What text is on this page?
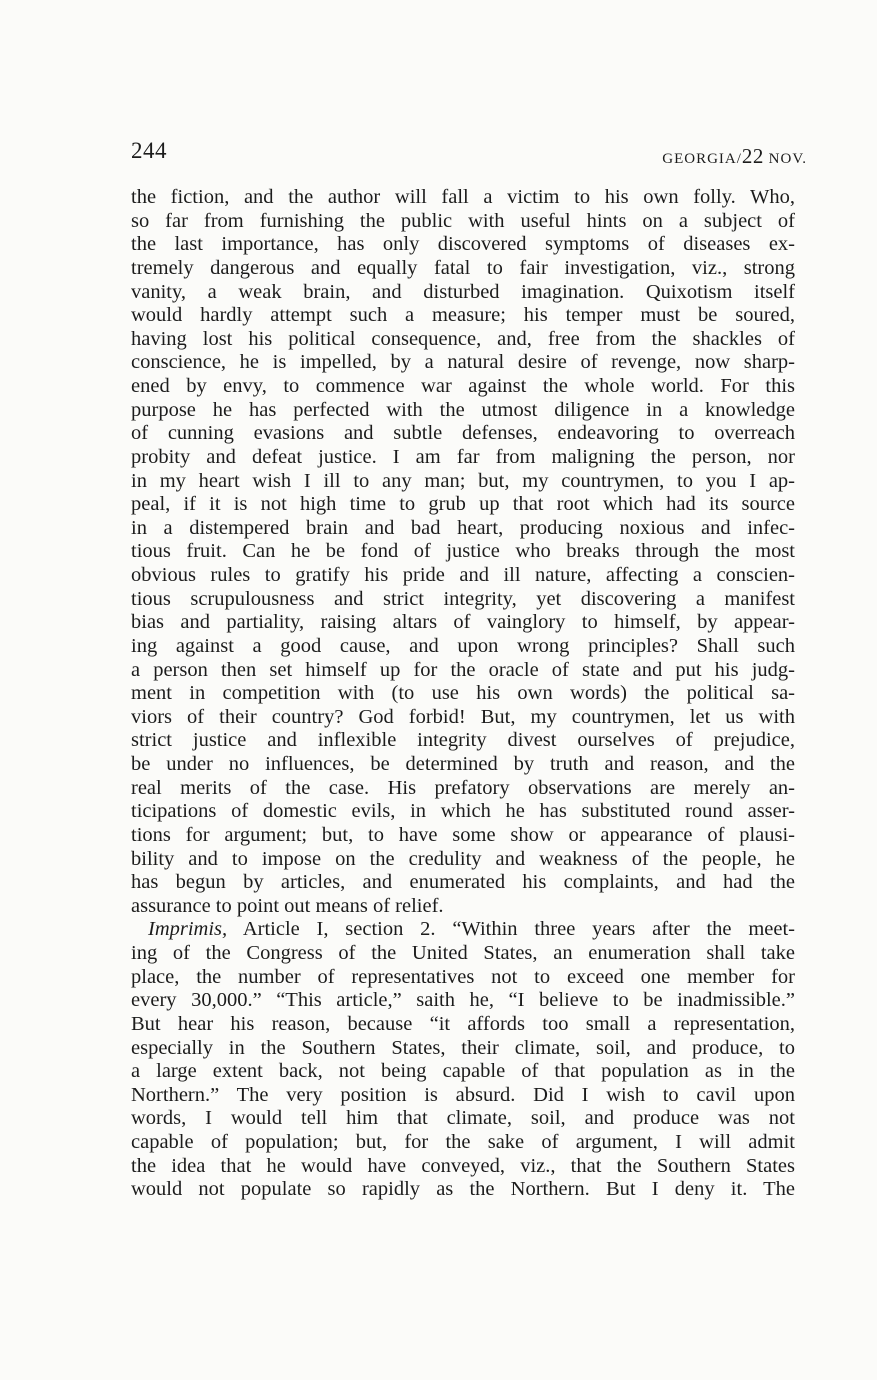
244	GEORGIA/22 NOV.
the fiction, and the author will fall a victim to his own folly. Who,
so far from furnishing the public with useful hints on a subject of
the last importance, has only discovered symptoms of diseases ex-
tremely dangerous and equally fatal to fair investigation, viz., strong
vanity, a weak brain, and disturbed imagination. Quixotism itself
would hardly attempt such a measure; his temper must be soured,
having lost his political consequence, and, free from the shackles of
conscience, he is impelled, by a natural desire of revenge, now sharp-
ened by envy, to commence war against the whole world. For this
purpose he has perfected with the utmost diligence in a knowledge
of cunning evasions and subtle defenses, endeavoring to overreach
probity and defeat justice. I am far from maligning the person, nor
in my heart wish I ill to any man; but, my countrymen, to you I ap-
peal, if it is not high time to grub up that root which had its source
in a distempered brain and bad heart, producing noxious and infec-
tious fruit. Can he be fond of justice who breaks through the most
obvious rules to gratify his pride and ill nature, affecting a conscien-
tious scrupulousness and strict integrity, yet discovering a manifest
bias and partiality, raising altars of vainglory to himself, by appear-
ing against a good cause, and upon wrong principles? Shall such
a person then set himself up for the oracle of state and put his judg-
ment in competition with (to use his own words) the political sa-
viors of their country? God forbid! But, my countrymen, let us with
strict justice and inflexible integrity divest ourselves of prejudice,
be under no influences, be determined by truth and reason, and the
real merits of the case. His prefatory observations are merely an-
ticipations of domestic evils, in which he has substituted round asser-
tions for argument; but, to have some show or appearance of plausi-
bility and to impose on the credulity and weakness of the people, he
has begun by articles, and enumerated his complaints, and had the
assurance to point out means of relief.
Imprimis, Article I, section 2. “Within three years after the meet-
ing of the Congress of the United States, an enumeration shall take
place, the number of representatives not to exceed one member for
every 30,000.” “This article,” saith he, “I believe to be inadmissible.”
But hear his reason, because “it affords too small a representation,
especially in the Southern States, their climate, soil, and produce, to
a large extent back, not being capable of that population as in the
Northern.” The very position is absurd. Did I wish to cavil upon
words, I would tell him that climate, soil, and produce was not
capable of population; but, for the sake of argument, I will admit
the idea that he would have conveyed, viz., that the Southern States
would not populate so rapidly as the Northern. But I deny it. The
